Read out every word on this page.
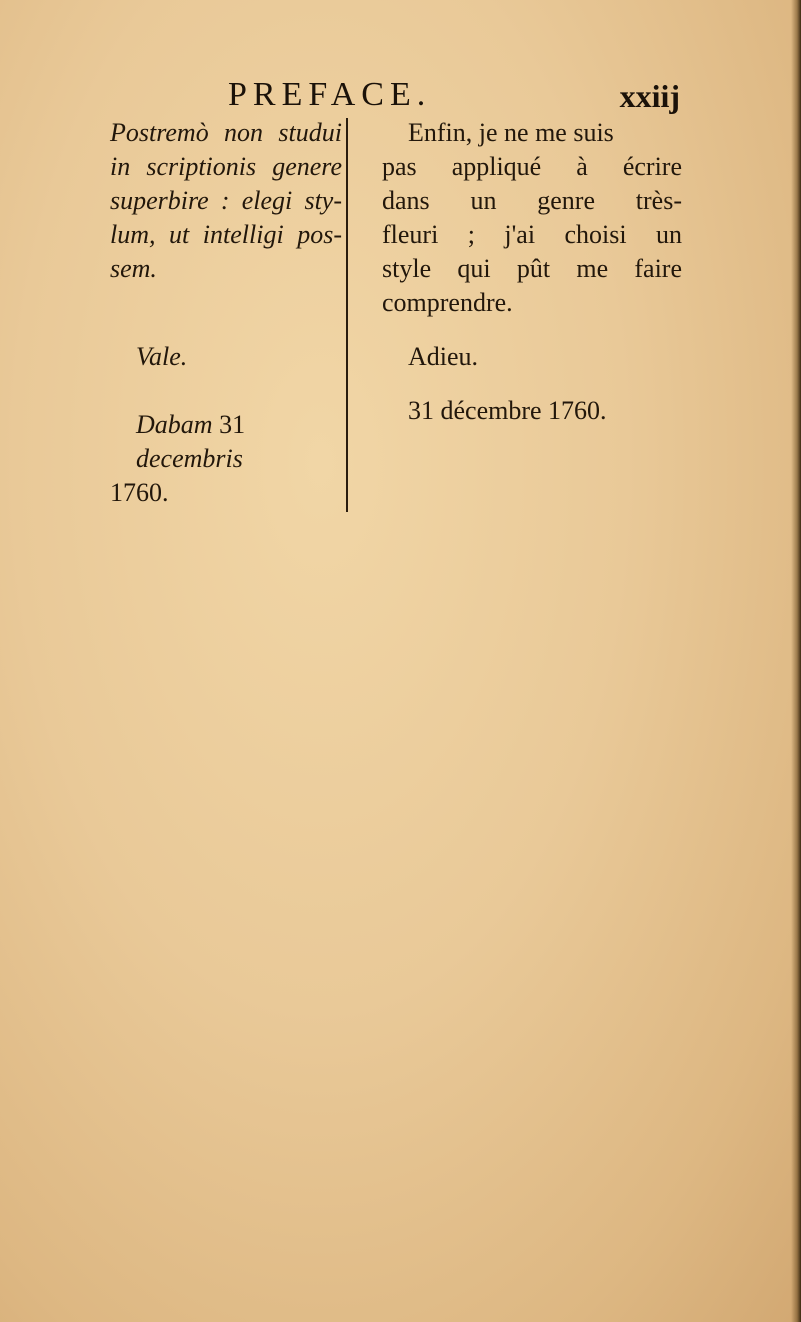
PREFACE.	xxiij
Postremò non studui
in scriptionis genere
superbire : elegi sty-
lum, ut intelligi pos-
sem.
Vale.
Dabam 31 decembris
1760.
Enfin, je ne me suis
pas appliqué à écrire
dans un genre très-
fleuri ; j'ai choisi un
style qui pût me faire
comprendre.
Adieu.
31 décembre 1760.
